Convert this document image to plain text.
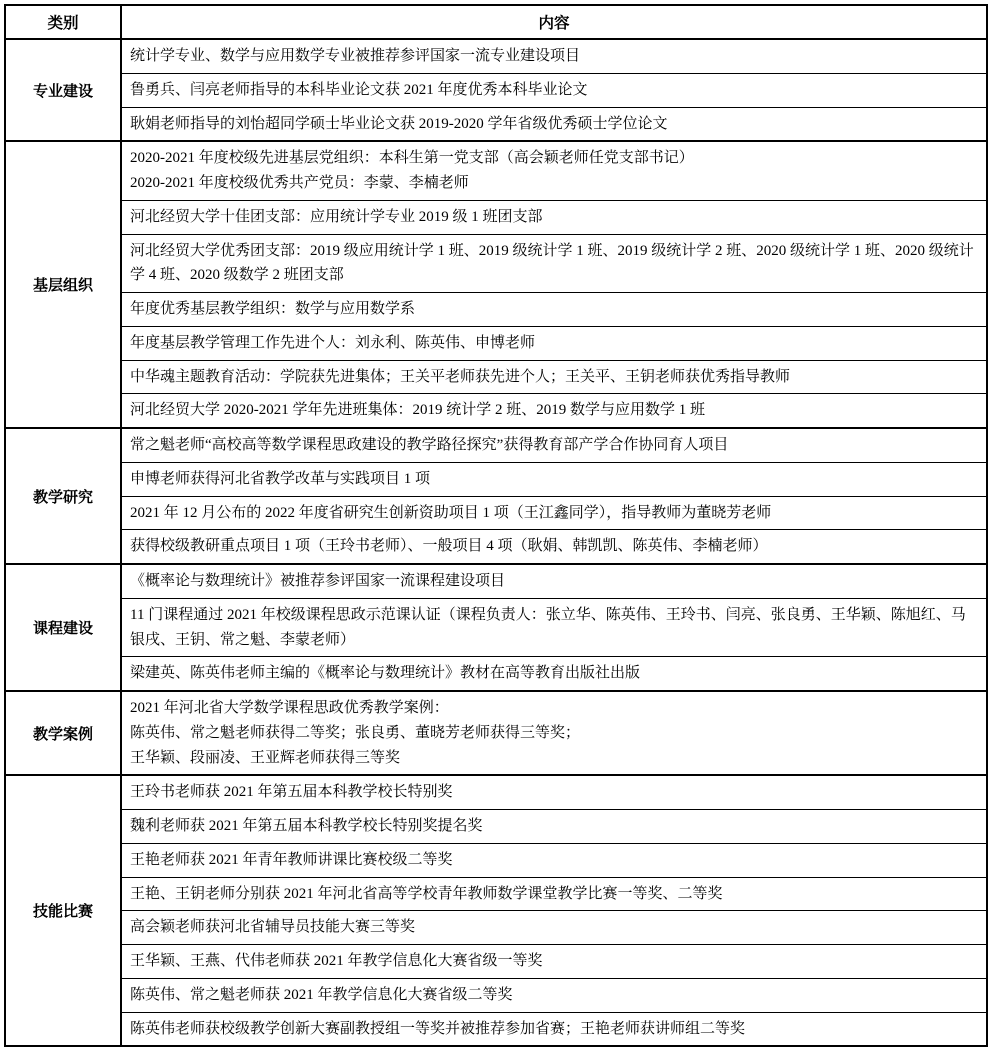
类别	内容
专业建设	统计学专业、数学与应用数学专业被推荐参评国家一流专业建设项目

	鲁勇兵、闫亮老师指导的本科毕业论文获 2021 年度优秀本科毕业论文

	耿娟老师指导的刘怡超同学硕士毕业论文获 2019-2020 学年省级优秀硕士学位论文

基层组织	2020-2021 年度校级先进基层党组织：本科生第一党支部（高会颖老师任党支部书记）
2020-2021 年度校级优秀共产党员：李蒙、李楠老师

	河北经贸大学十佳团支部：应用统计学专业 2019 级 1 班团支部

	河北经贸大学优秀团支部：2019 级应用统计学 1 班、2019 级统计学 1 班、2019 级统计学 2 班、2020 级统计学 1 班、2020 级统计学 4 班、2020 级数学 2 班团支部

	年度优秀基层教学组织：数学与应用数学系

	年度基层教学管理工作先进个人：刘永利、陈英伟、申博老师

	中华魂主题教育活动：学院获先进集体；王关平老师获先进个人；王关平、王钥老师获优秀指导教师

	河北经贸大学 2020-2021 学年先进班集体：2019 统计学 2 班、2019 数学与应用数学 1 班

教学研究	常之魁老师“高校高等数学课程思政建设的教学路径探究”获得教育部产学合作协同育人项目

	申博老师获得河北省教学改革与实践项目 1 项

	2021 年 12 月公布的 2022 年度省研究生创新资助项目 1 项（王江鑫同学），指导教师为董晓芳老师

	获得校级教研重点项目 1 项（王玲书老师）、一般项目 4 项（耿娟、韩凯凯、陈英伟、李楠老师）

课程建设	《概率论与数理统计》被推荐参评国家一流课程建设项目

	11 门课程通过 2021 年校级课程思政示范课认证（课程负责人：张立华、陈英伟、王玲书、闫亮、张良勇、王华颖、陈旭红、马银戌、王钥、常之魁、李蒙老师）

	梁建英、陈英伟老师主编的《概率论与数理统计》教材在高等教育出版社出版

教学案例	2021 年河北省大学数学课程思政优秀教学案例：
陈英伟、常之魁老师获得二等奖；张良勇、董晓芳老师获得三等奖；
王华颖、段丽凌、王亚辉老师获得三等奖

技能比赛	王玲书老师获 2021 年第五届本科教学校长特别奖

	魏利老师获 2021 年第五届本科教学校长特别奖提名奖

	王艳老师获 2021 年青年教师讲课比赛校级二等奖

	王艳、王钥老师分别获 2021 年河北省高等学校青年教师数学课堂教学比赛一等奖、二等奖

	高会颖老师获河北省辅导员技能大赛三等奖

	王华颖、王燕、代伟老师获 2021 年教学信息化大赛省级一等奖

	陈英伟、常之魁老师获 2021 年教学信息化大赛省级二等奖

	陈英伟老师获校级教学创新大赛副教授组一等奖并被推荐参加省赛；王艳老师获讲师组二等奖
